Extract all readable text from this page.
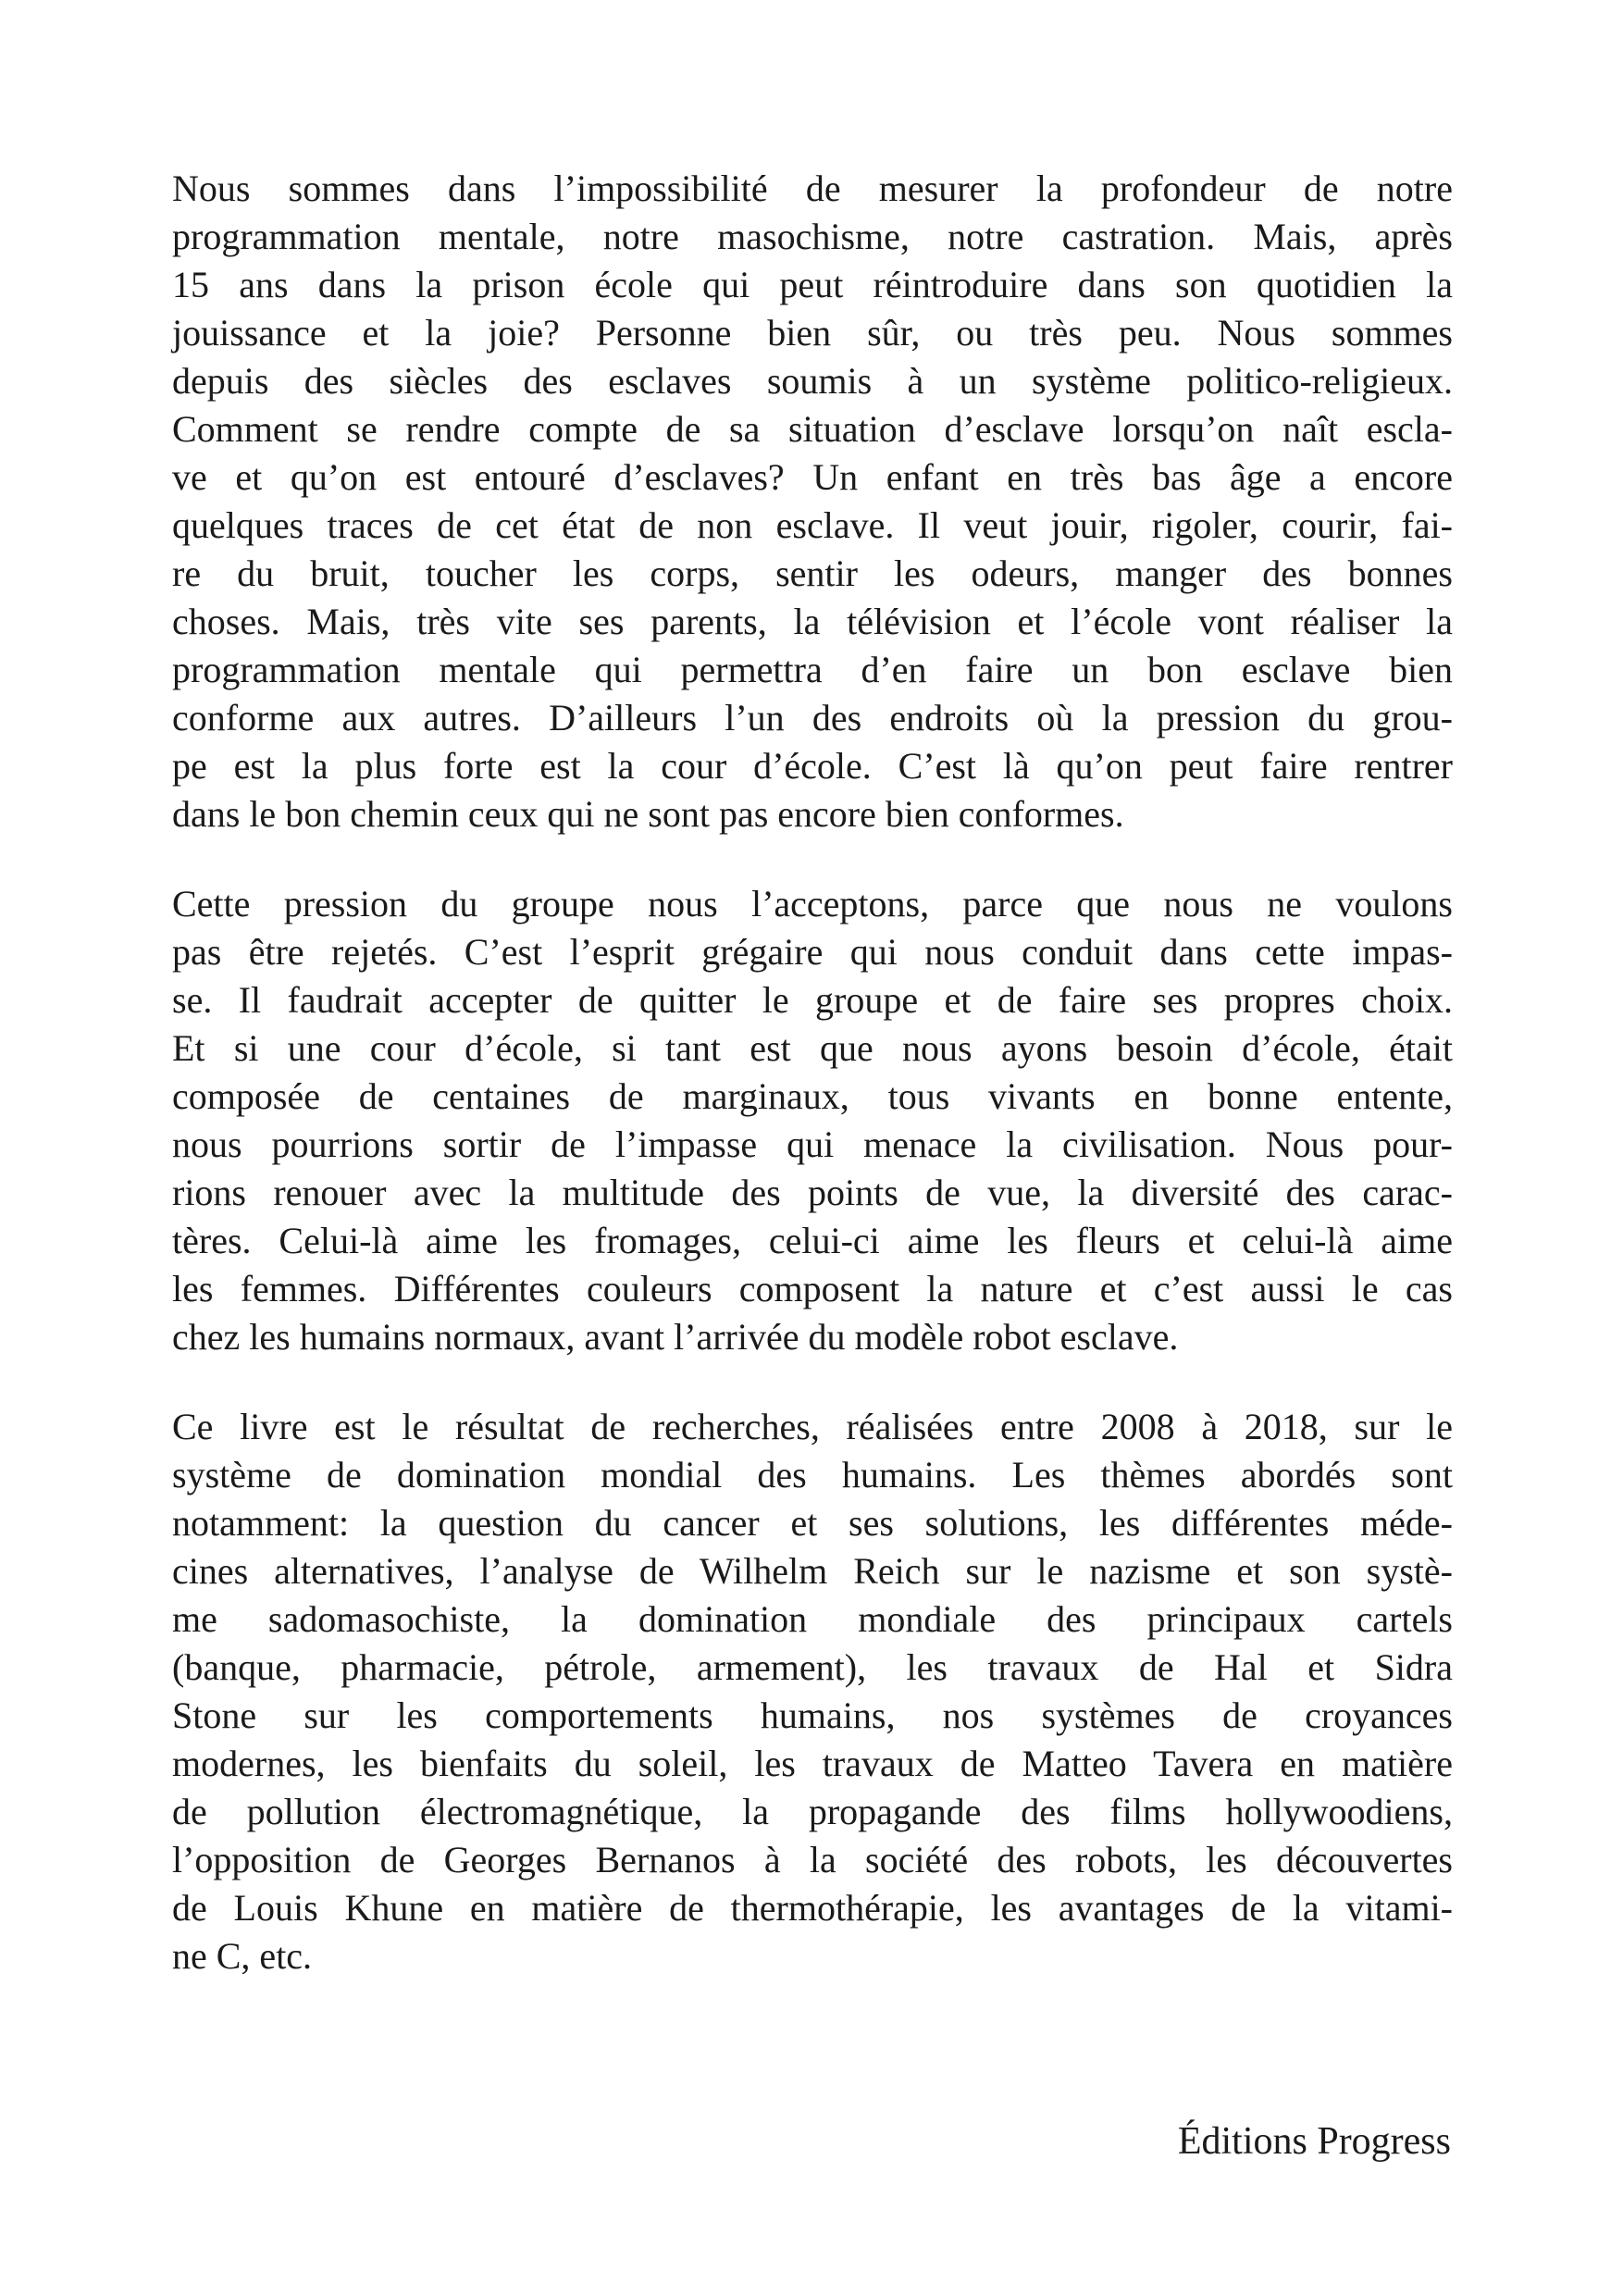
Nous sommes dans l’impossibilité de mesurer la profondeur de notre
programmation mentale, notre masochisme, notre castration. Mais, après
15 ans dans la prison école qui peut réintroduire dans son quotidien la
jouissance et la joie? Personne bien sûr, ou très peu. Nous sommes
depuis des siècles des esclaves soumis à un système politico-religieux.
Comment se rendre compte de sa situation d’esclave lorsqu’on naît escla-
ve et qu’on est entouré d’esclaves? Un enfant en très bas âge a encore
quelques traces de cet état de non esclave. Il veut jouir, rigoler, courir, fai-
re du bruit, toucher les corps, sentir les odeurs, manger des bonnes
choses. Mais, très vite ses parents, la télévision et l’école vont réaliser la
programmation mentale qui permettra d’en faire un bon esclave bien
conforme aux autres. D’ailleurs l’un des endroits où la pression du grou-
pe est la plus forte est la cour d’école. C’est là qu’on peut faire rentrer
dans le bon chemin ceux qui ne sont pas encore bien conformes.
Cette pression du groupe nous l’acceptons, parce que nous ne voulons
pas être rejetés. C’est l’esprit grégaire qui nous conduit dans cette impas-
se. Il faudrait accepter de quitter le groupe et de faire ses propres choix.
Et si une cour d’école, si tant est que nous ayons besoin d’école, était
composée de centaines de marginaux, tous vivants en bonne entente,
nous pourrions sortir de l’impasse qui menace la civilisation. Nous pour-
rions renouer avec la multitude des points de vue, la diversité des carac-
tères. Celui-là aime les fromages, celui-ci aime les fleurs et celui-là aime
les femmes. Différentes couleurs composent la nature et c’est aussi le cas
chez les humains normaux, avant l’arrivée du modèle robot esclave.
Ce livre est le résultat de recherches, réalisées entre 2008 à 2018, sur le
système de domination mondial des humains. Les thèmes abordés sont
notamment: la question du cancer et ses solutions, les différentes méde-
cines alternatives, l’analyse de Wilhelm Reich sur le nazisme et son systè-
me sadomasochiste, la domination mondiale des principaux cartels
(banque, pharmacie, pétrole, armement), les travaux de Hal et Sidra
Stone sur les comportements humains, nos systèmes de croyances
modernes, les bienfaits du soleil, les travaux de Matteo Tavera en matière
de pollution électromagnétique, la propagande des films hollywoodiens,
l’opposition de Georges Bernanos à la société des robots, les découvertes
de Louis Khune en matière de thermothérapie, les avantages de la vitami-
ne C, etc.
Éditions Progress
